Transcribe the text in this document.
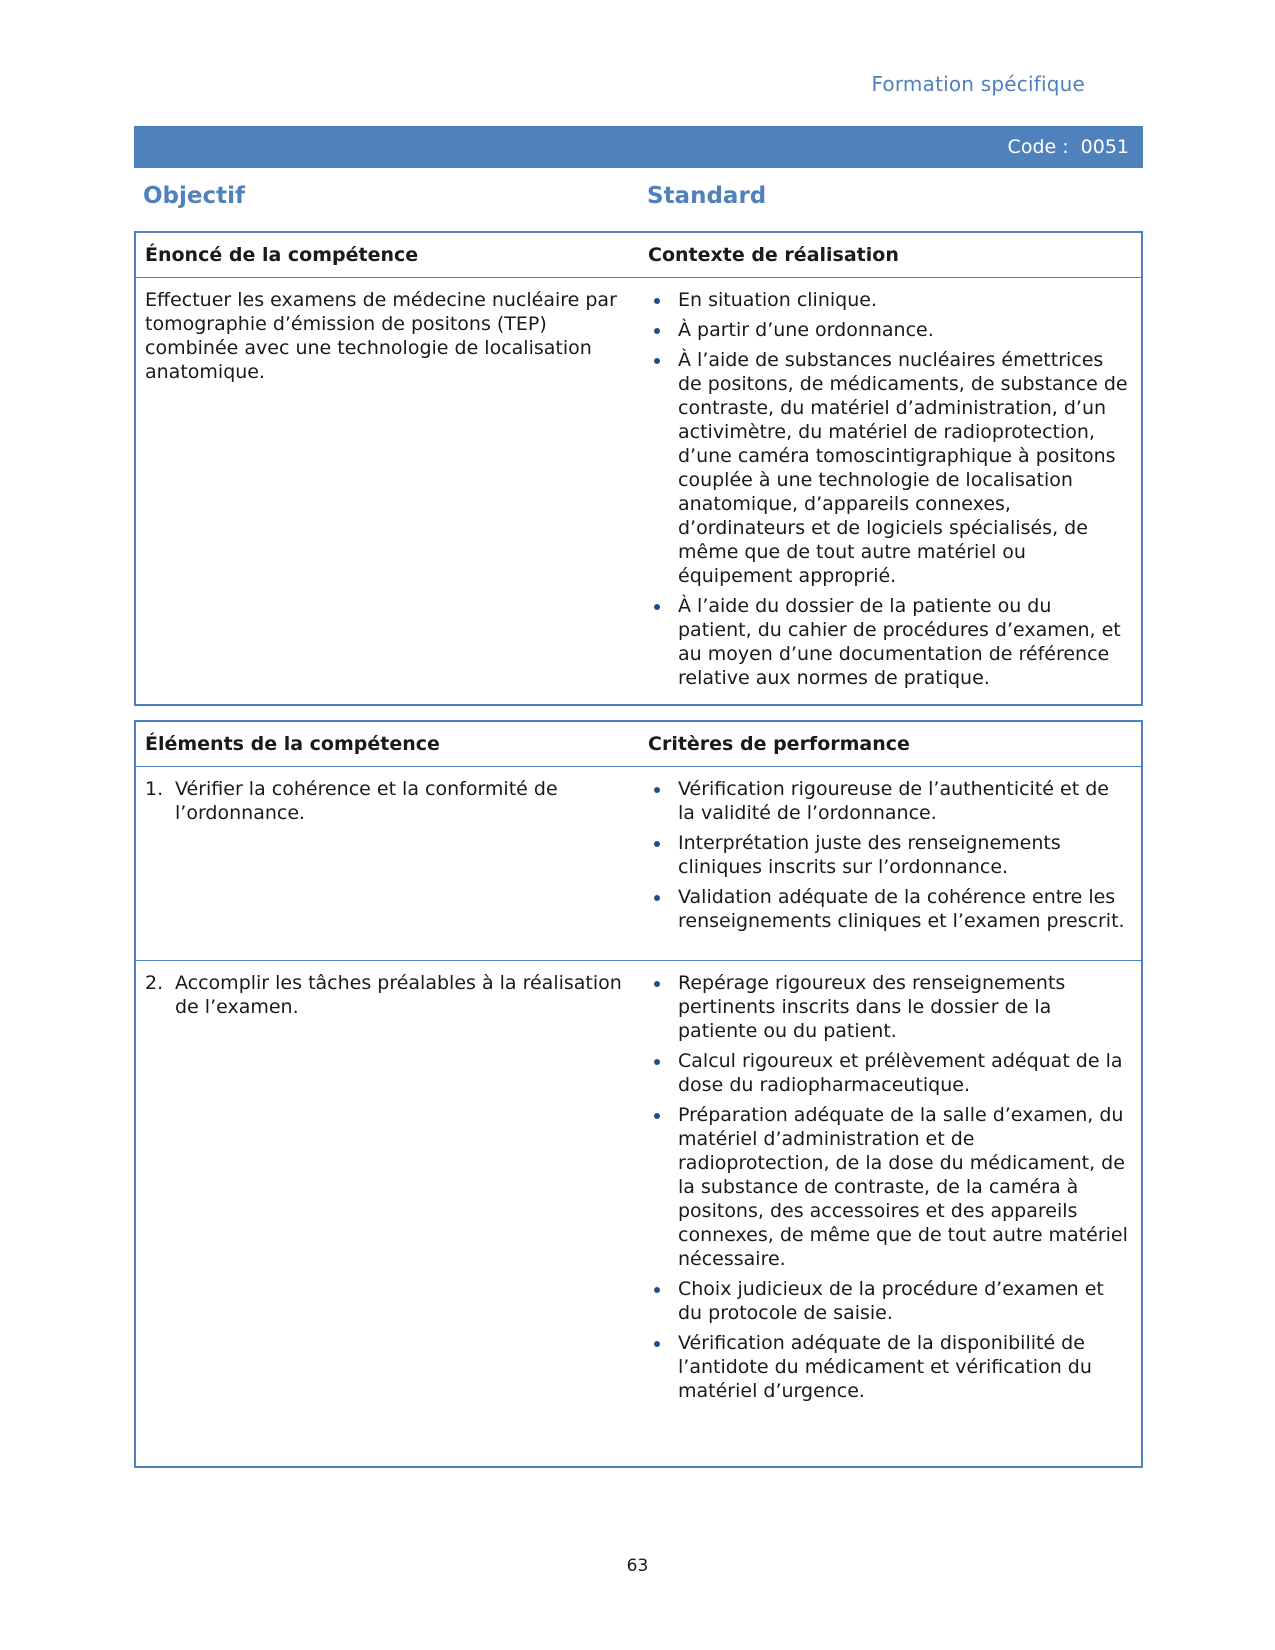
Formation spécifique
Code : 0051
Objectif	Standard
Énoncé de la compétence	Contexte de réalisation
Effectuer les examens de médecine nucléaire par tomographie d’émission de positons (TEP) combinée avec une technologie de localisation anatomique.
En situation clinique.
À partir d’une ordonnance.
À l’aide de substances nucléaires émettrices de positons, de médicaments, de substance de contraste, du matériel d’administration, d’un activimètre, du matériel de radioprotection, d’une caméra tomoscintigraphique à positons couplée à une technologie de localisation anatomique, d’appareils connexes, d’ordinateurs et de logiciels spécialisés, de même que de tout autre matériel ou équipement approprié.
À l’aide du dossier de la patiente ou du patient, du cahier de procédures d’examen, et au moyen d’une documentation de référence relative aux normes de pratique.
Éléments de la compétence	Critères de performance
1. Vérifier la cohérence et la conformité de l’ordonnance.
Vérification rigoureuse de l’authenticité et de la validité de l’ordonnance.
Interprétation juste des renseignements cliniques inscrits sur l’ordonnance.
Validation adéquate de la cohérence entre les renseignements cliniques et l’examen prescrit.
2. Accomplir les tâches préalables à la réalisation de l’examen.
Repérage rigoureux des renseignements pertinents inscrits dans le dossier de la patiente ou du patient.
Calcul rigoureux et prélèvement adéquat de la dose du radiopharmaceutique.
Préparation adéquate de la salle d’examen, du matériel d’administration et de radioprotection, de la dose du médicament, de la substance de contraste, de la caméra à positons, des accessoires et des appareils connexes, de même que de tout autre matériel nécessaire.
Choix judicieux de la procédure d’examen et du protocole de saisie.
Vérification adéquate de la disponibilité de l’antidote du médicament et vérification du matériel d’urgence.
63
